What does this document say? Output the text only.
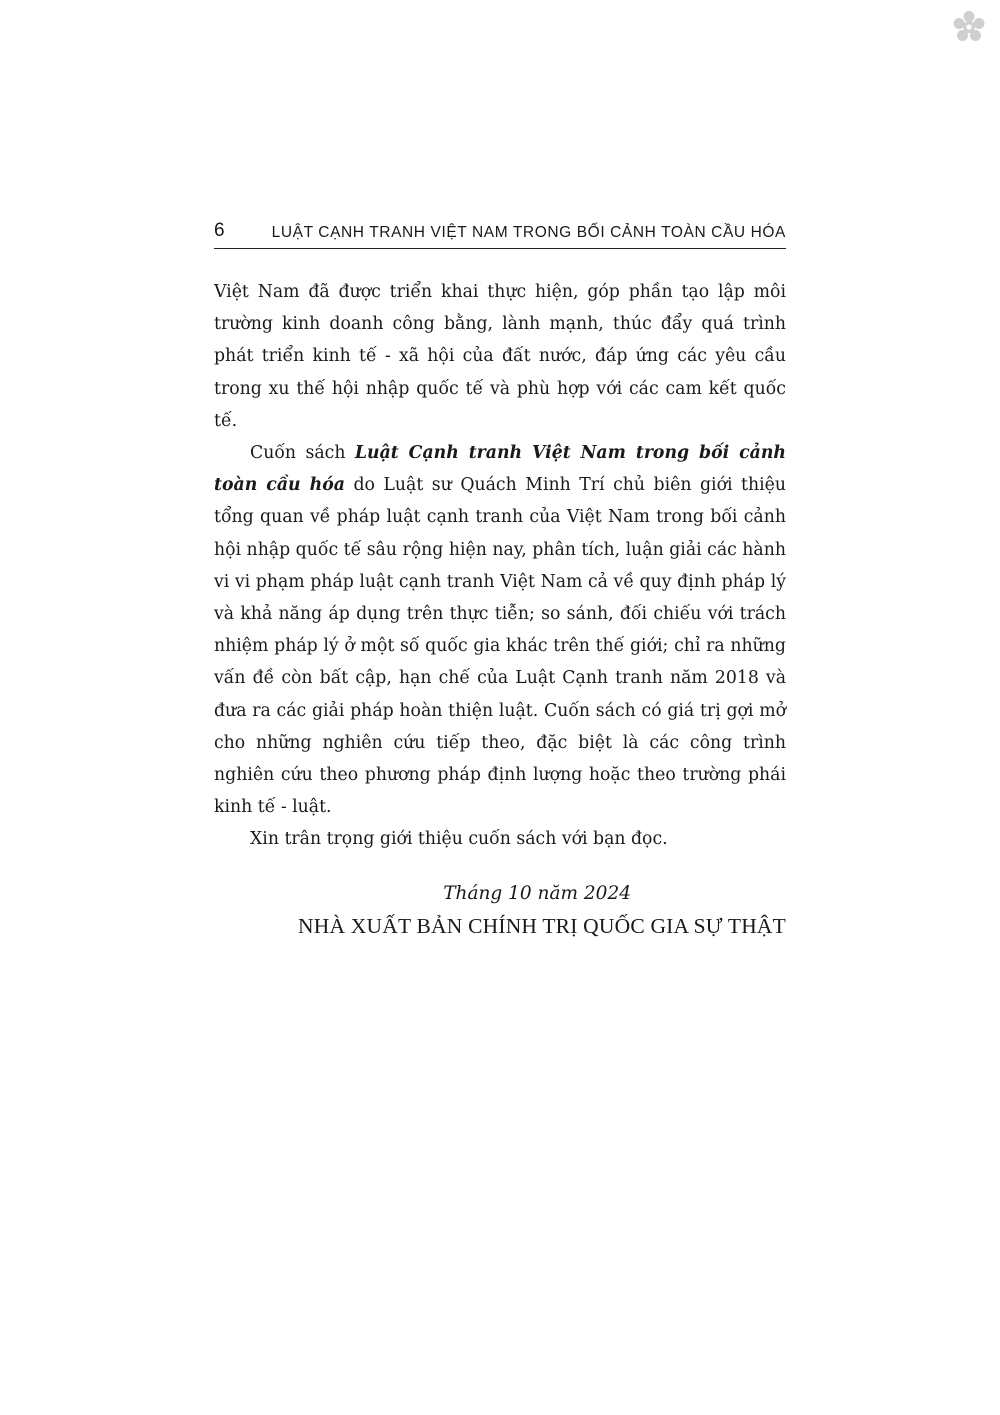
6	LUẬT CẠNH TRANH VIỆT NAM TRONG BỐI CẢNH TOÀN CẦU HÓA

Việt Nam đã được triển khai thực hiện, góp phần tạo lập môi trường kinh doanh công bằng, lành mạnh, thúc đẩy quá trình phát triển kinh tế - xã hội của đất nước, đáp ứng các yêu cầu trong xu thế hội nhập quốc tế và phù hợp với các cam kết quốc tế.

Cuốn sách Luật Cạnh tranh Việt Nam trong bối cảnh toàn cầu hóa do Luật sư Quách Minh Trí chủ biên giới thiệu tổng quan về pháp luật cạnh tranh của Việt Nam trong bối cảnh hội nhập quốc tế sâu rộng hiện nay, phân tích, luận giải các hành vi vi phạm pháp luật cạnh tranh Việt Nam cả về quy định pháp lý và khả năng áp dụng trên thực tiễn; so sánh, đối chiếu với trách nhiệm pháp lý ở một số quốc gia khác trên thế giới; chỉ ra những vấn đề còn bất cập, hạn chế của Luật Cạnh tranh năm 2018 và đưa ra các giải pháp hoàn thiện luật. Cuốn sách có giá trị gợi mở cho những nghiên cứu tiếp theo, đặc biệt là các công trình nghiên cứu theo phương pháp định lượng hoặc theo trường phái kinh tế - luật.

Xin trân trọng giới thiệu cuốn sách với bạn đọc.

Tháng 10 năm 2024
NHÀ XUẤT BẢN CHÍNH TRỊ QUỐC GIA SỰ THẬT
